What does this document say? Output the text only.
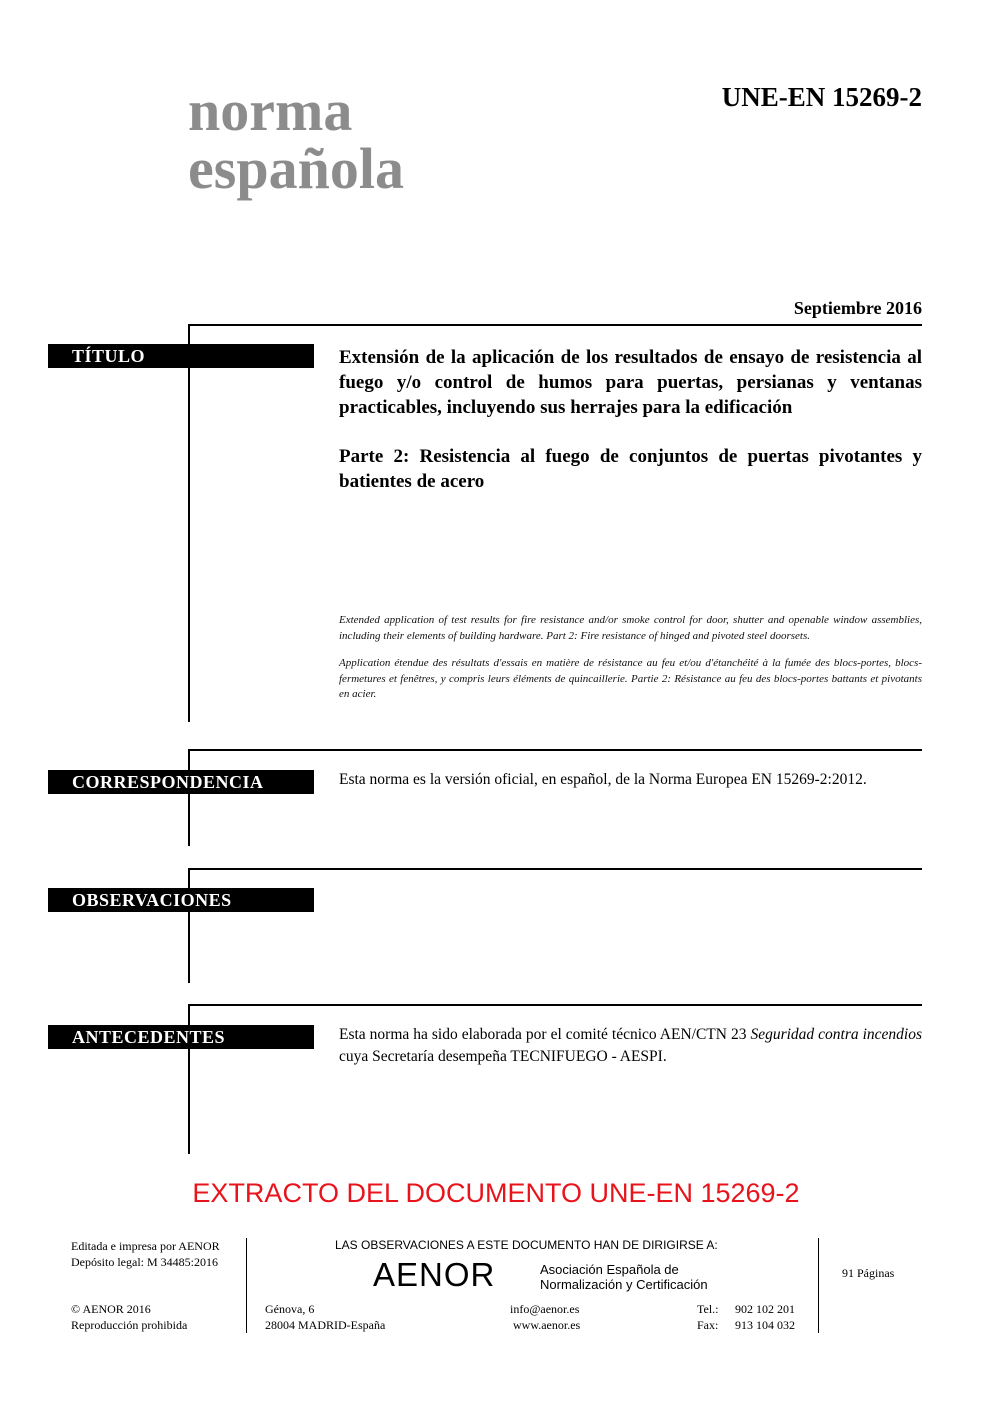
norma
española
UNE-EN 15269-2
Septiembre 2016
TÍTULO	Extensión de la aplicación de los resultados de ensayo de resistencia al fuego y/o control de humos para puertas, persianas y ventanas practicables, incluyendo sus herrajes para la edificación
Parte 2: Resistencia al fuego de conjuntos de puertas pivotantes y batientes de acero

Extended application of test results for fire resistance and/or smoke control for door, shutter and openable window assemblies, including their elements of building hardware. Part 2: Fire resistance of hinged and pivoted steel doorsets.

Application étendue des résultats d'essais en matière de résistance au feu et/ou d'étanchéité à la fumée des blocs-portes, blocs-fermetures et fenêtres, y compris leurs éléments de quincaillerie. Partie 2: Résistance au feu des blocs-portes battants et pivotants en acier.

CORRESPONDENCIA	Esta norma es la versión oficial, en español, de la Norma Europea EN 15269-2:2012.
OBSERVACIONES
ANTECEDENTES	Esta norma ha sido elaborada por el comité técnico AEN/CTN 23 Seguridad contra incendios cuya Secretaría desempeña TECNIFUEGO - AESPI.
EXTRACTO DEL DOCUMENTO UNE-EN 15269-2
Editada e impresa por AENOR
Depósito legal: M 34485:2016
© AENOR 2016
Reproducción prohibida
LAS OBSERVACIONES A ESTE DOCUMENTO HAN DE DIRIGIRSE A:
AENOR	Asociación Española de
Normalización y Certificación
91 Páginas
Génova, 6
28004 MADRID-España
info@aenor.es
www.aenor.es
Tel.: 902 102 201
Fax: 913 104 032
